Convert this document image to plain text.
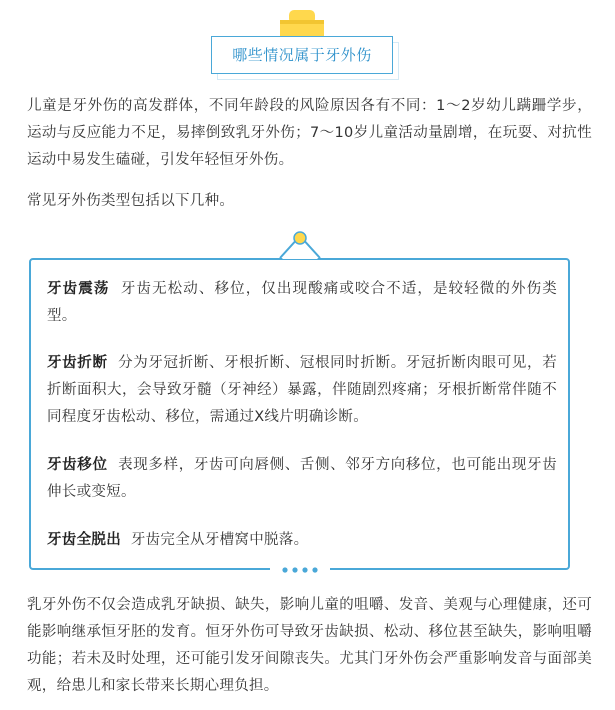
哪些情况属于牙外伤

儿童是牙外伤的高发群体，不同年龄段的风险原因各有不同：1～2岁幼儿蹒跚学步，运动与反应能力不足，易摔倒致乳牙外伤；7～10岁儿童活动量剧增，在玩耍、对抗性运动中易发生磕碰，引发年轻恒牙外伤。

常见牙外伤类型包括以下几种。

牙齿震荡 牙齿无松动、移位，仅出现酸痛或咬合不适，是较轻微的外伤类型。

牙齿折断 分为牙冠折断、牙根折断、冠根同时折断。牙冠折断肉眼可见，若折断面积大，会导致牙髓（牙神经）暴露，伴随剧烈疼痛；牙根折断常伴随不同程度牙齿松动、移位，需通过X线片明确诊断。

牙齿移位 表现多样，牙齿可向唇侧、舌侧、邻牙方向移位，也可能出现牙齿伸长或变短。

牙齿全脱出 牙齿完全从牙槽窝中脱落。

乳牙外伤不仅会造成乳牙缺损、缺失，影响儿童的咀嚼、发音、美观与心理健康，还可能影响继承恒牙胚的发育。恒牙外伤可导致牙齿缺损、松动、移位甚至缺失，影响咀嚼功能；若未及时处理，还可能引发牙间隙丧失。尤其门牙外伤会严重影响发音与面部美观，给患儿和家长带来长期心理负担。
